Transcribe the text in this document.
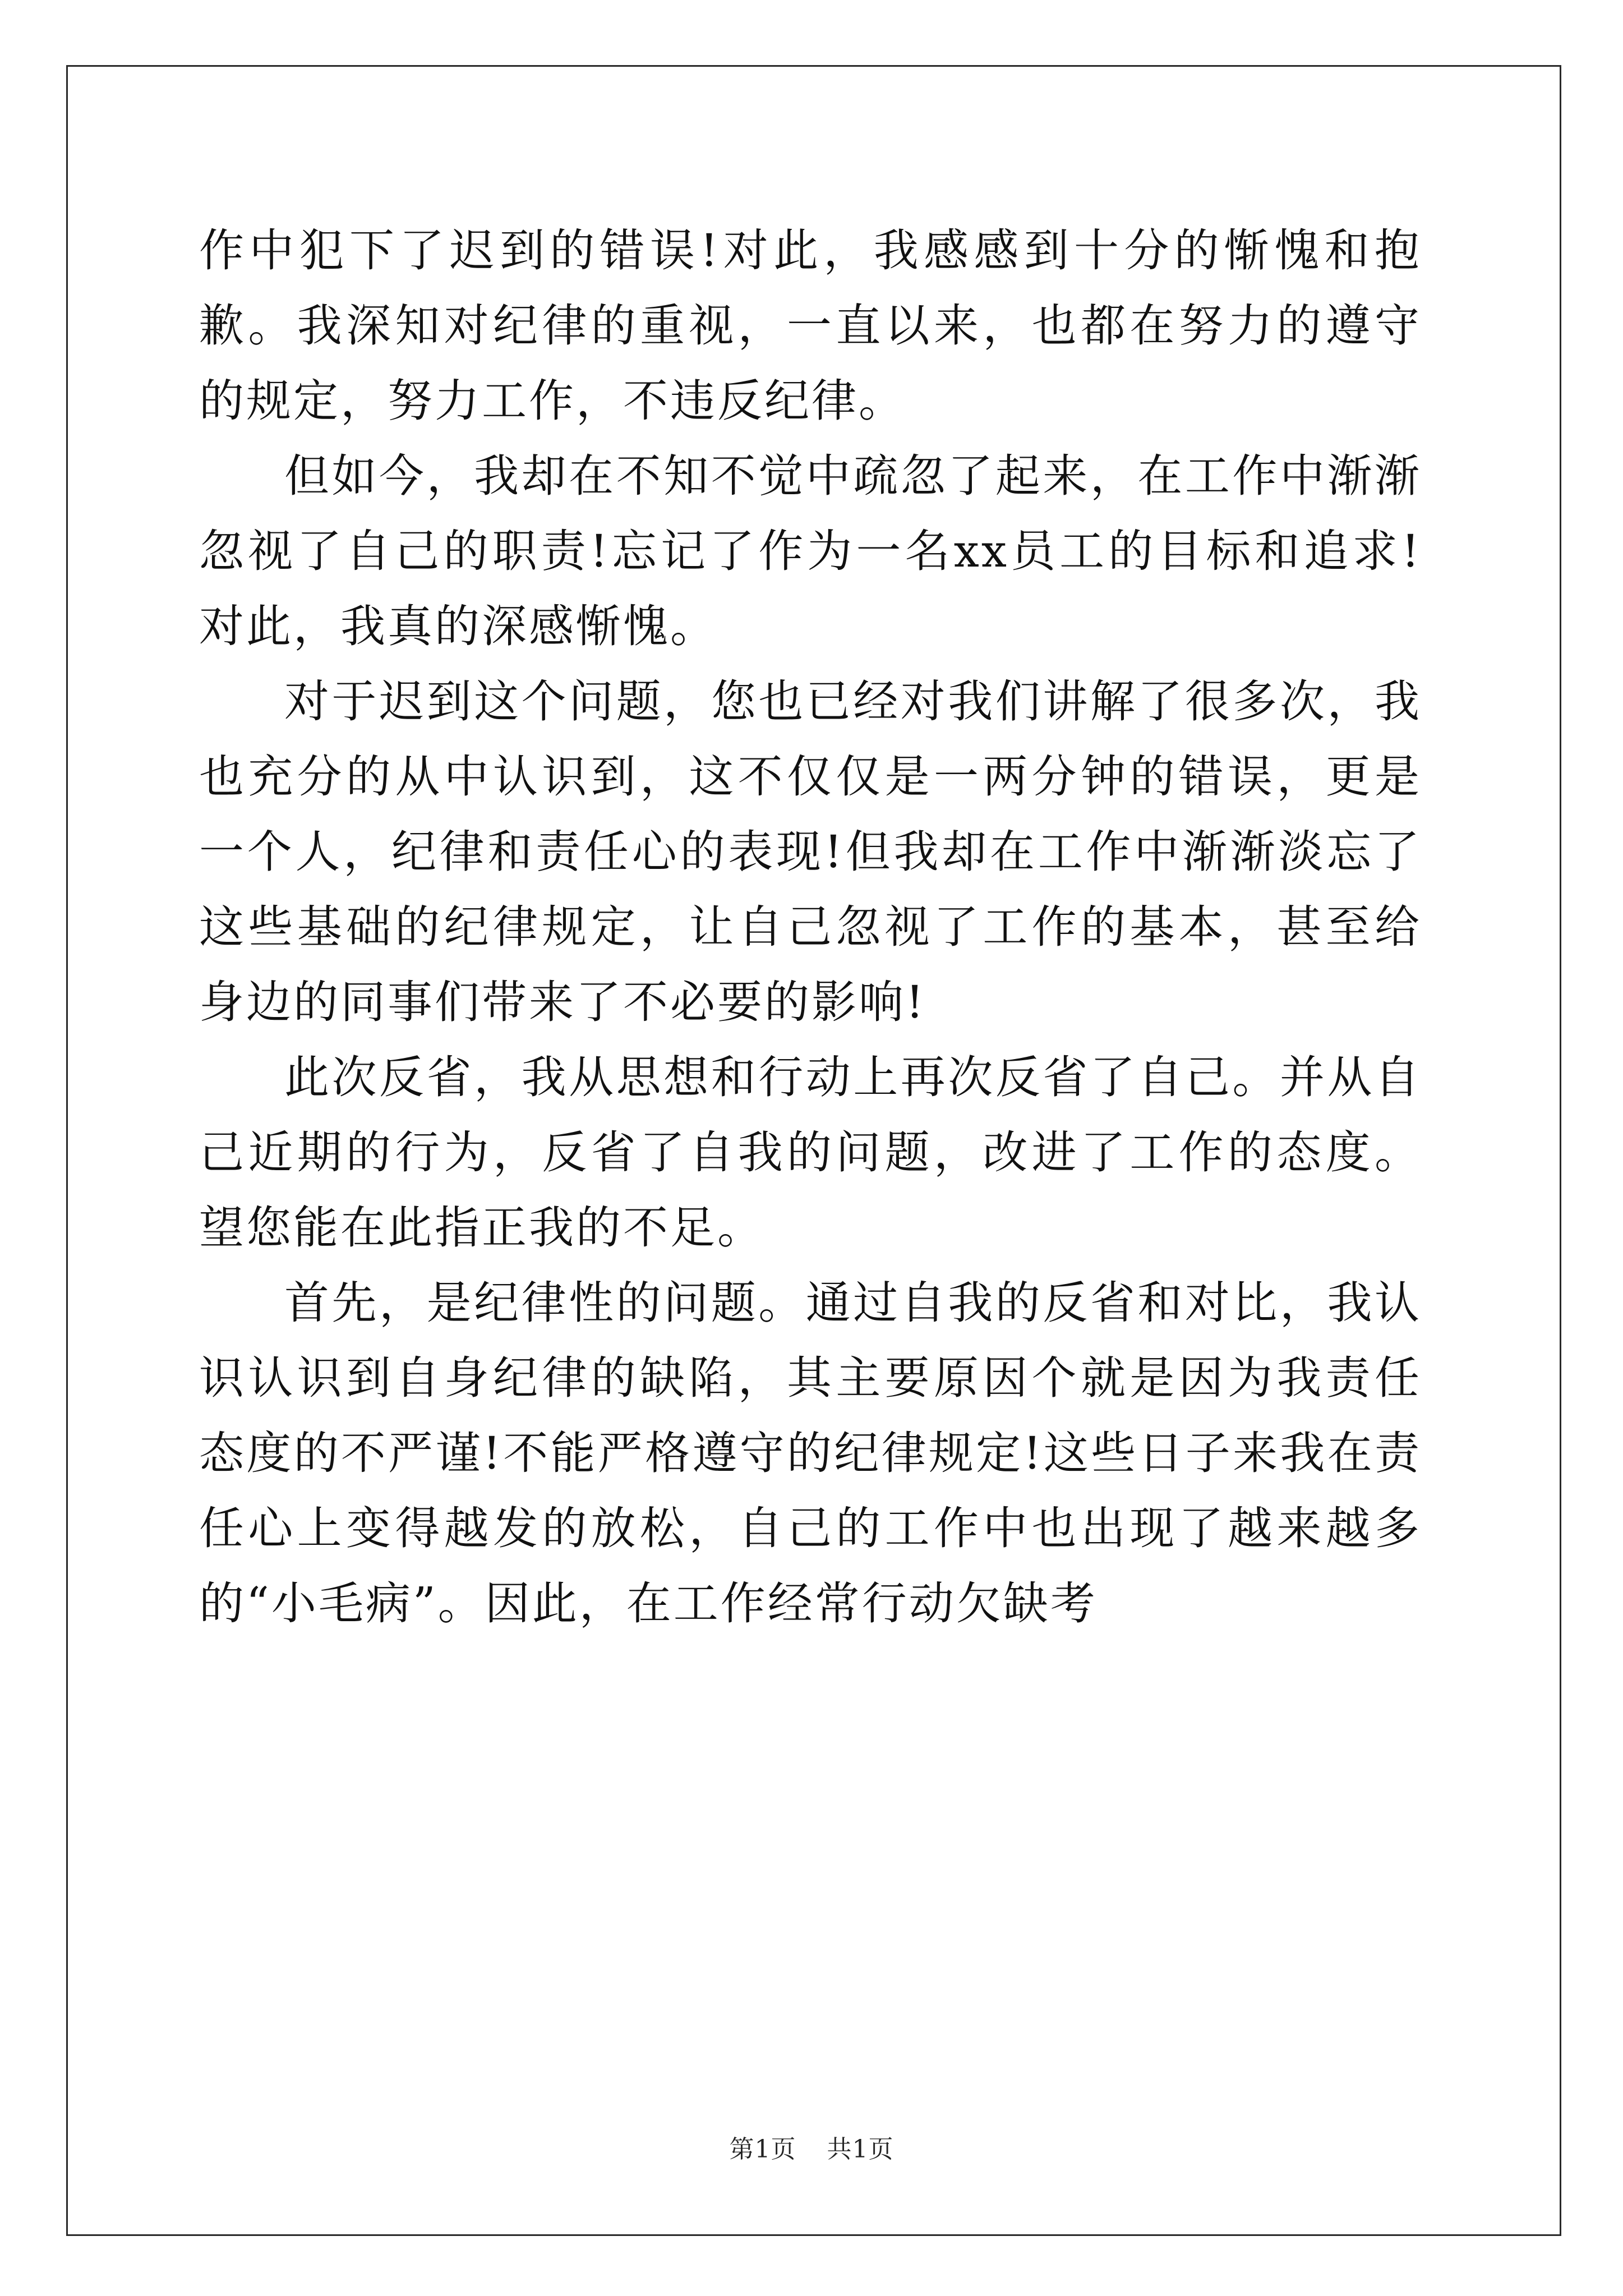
作中犯下了迟到的错误!对此，我感感到十分的惭愧和抱歉。我深知对纪律的重视，一直以来，也都在努力的遵守的规定，努力工作，不违反纪律。

但如今，我却在不知不觉中疏忽了起来，在工作中渐渐忽视了自己的职责!忘记了作为一名xx员工的目标和追求!对此，我真的深感惭愧。

对于迟到这个问题，您也已经对我们讲解了很多次，我也充分的从中认识到，这不仅仅是一两分钟的错误，更是一个人，纪律和责任心的表现!但我却在工作中渐渐淡忘了这些基础的纪律规定，让自己忽视了工作的基本，甚至给身边的同事们带来了不必要的影响!

此次反省，我从思想和行动上再次反省了自己。并从自己近期的行为，反省了自我的问题，改进了工作的态度。望您能在此指正我的不足。

首先，是纪律性的问题。通过自我的反省和对比，我认识认识到自身纪律的缺陷，其主要原因个就是因为我责任态度的不严谨!不能严格遵守的纪律规定!这些日子来我在责任心上变得越发的放松，自己的工作中也出现了越来越多的“小毛病”。因此，在工作经常行动欠缺考

第1页 共1页
